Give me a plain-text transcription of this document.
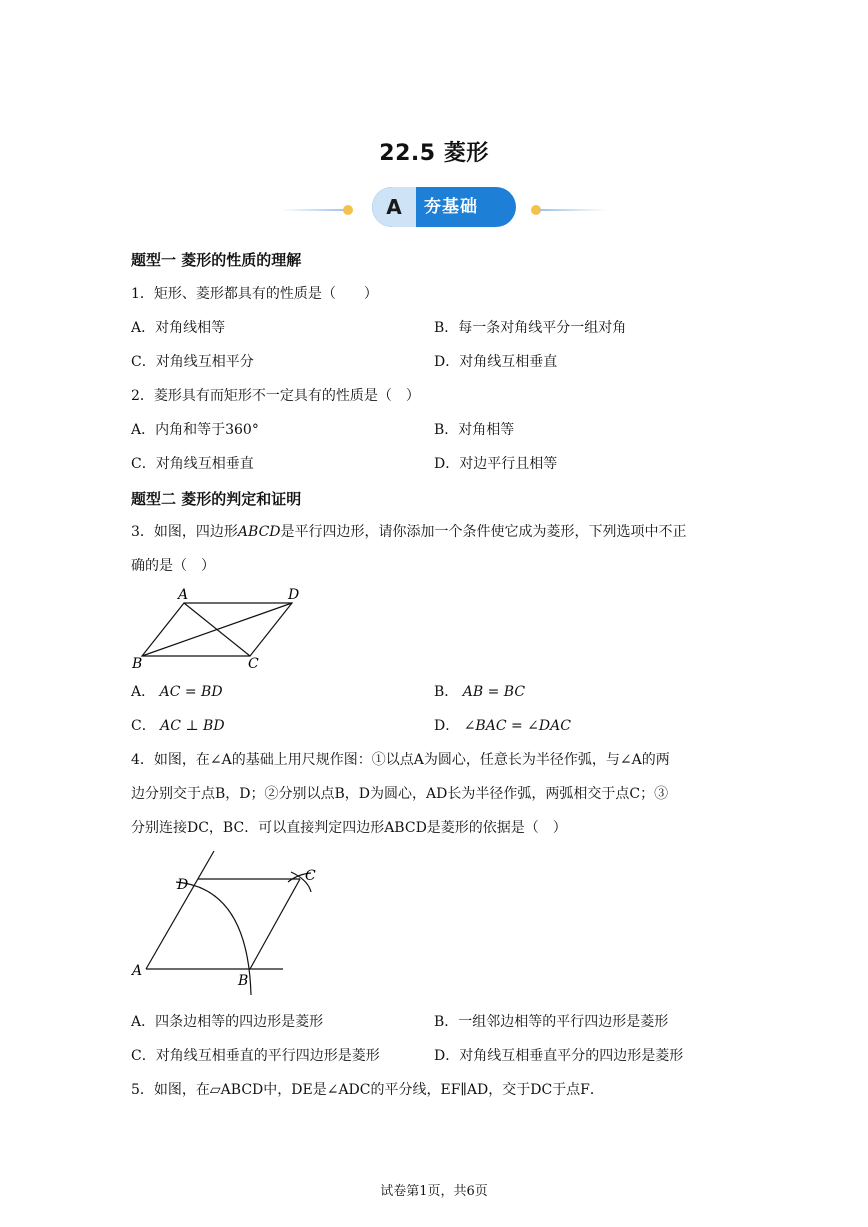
22.5 菱形
A	夯基础
题型一 菱形的性质的理解
1．矩形、菱形都具有的性质是（　　）
A．对角线相等	B．每一条对角线平分一组对角
C．对角线互相平分	D．对角线互相垂直
2．菱形具有而矩形不一定具有的性质是（　）
A．内角和等于360°	B．对角相等
C．对角线互相垂直	D．对边平行且相等
题型二 菱形的判定和证明
3．如图，四边形ABCD是平行四边形，请你添加一个条件使它成为菱形，下列选项中不正
确的是（　）
A	D
B	C
A． AC = BD	B． AB = BC
C． AC ⊥ BD	D． ∠BAC = ∠DAC
4．如图，在∠A的基础上用尺规作图：①以点A为圆心，任意长为半径作弧，与∠A的两
边分别交于点B，D；②分别以点B，D为圆心，AD长为半径作弧，两弧相交于点C；③
分别连接DC，BC．可以直接判定四边形ABCD是菱形的依据是（　）
D
C
A
B
A．四条边相等的四边形是菱形	B．一组邻边相等的平行四边形是菱形
C．对角线互相垂直的平行四边形是菱形	D．对角线互相垂直平分的四边形是菱形
5．如图，在▱ABCD中，DE是∠ADC的平分线，EF∥AD，交于DC于点F．
试卷第1页，共6页
